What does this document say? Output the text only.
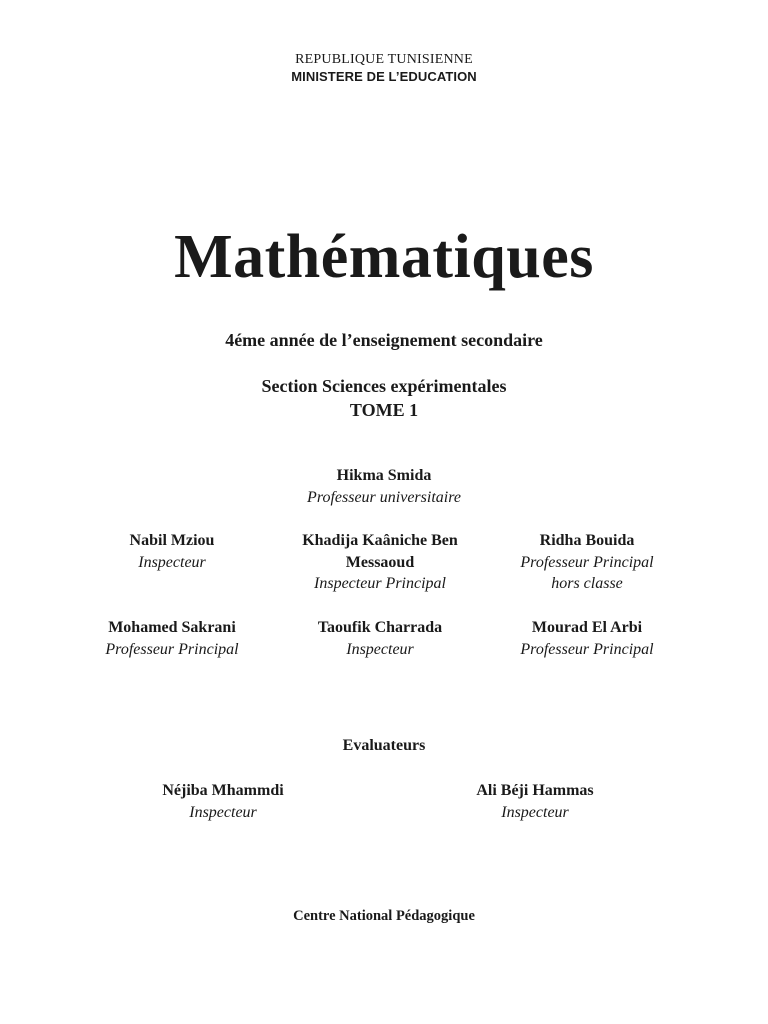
REPUBLIQUE TUNISIENNE
MINISTERE DE L’EDUCATION
Mathématiques
4éme année de l’enseignement secondaire
Section Sciences expérimentales
TOME 1
Hikma Smida
Professeur universitaire
Nabil Mziou
Inspecteur
Khadija Kaâniche Ben
Messaoud
Inspecteur Principal
Ridha Bouida
Professeur Principal
hors classe
Mohamed Sakrani
Professeur Principal
Taoufik Charrada
Inspecteur
Mourad El Arbi
Professeur Principal
Evaluateurs
Néjiba Mhammdi
Inspecteur
Ali Béji Hammas
Inspecteur
Centre National Pédagogique
